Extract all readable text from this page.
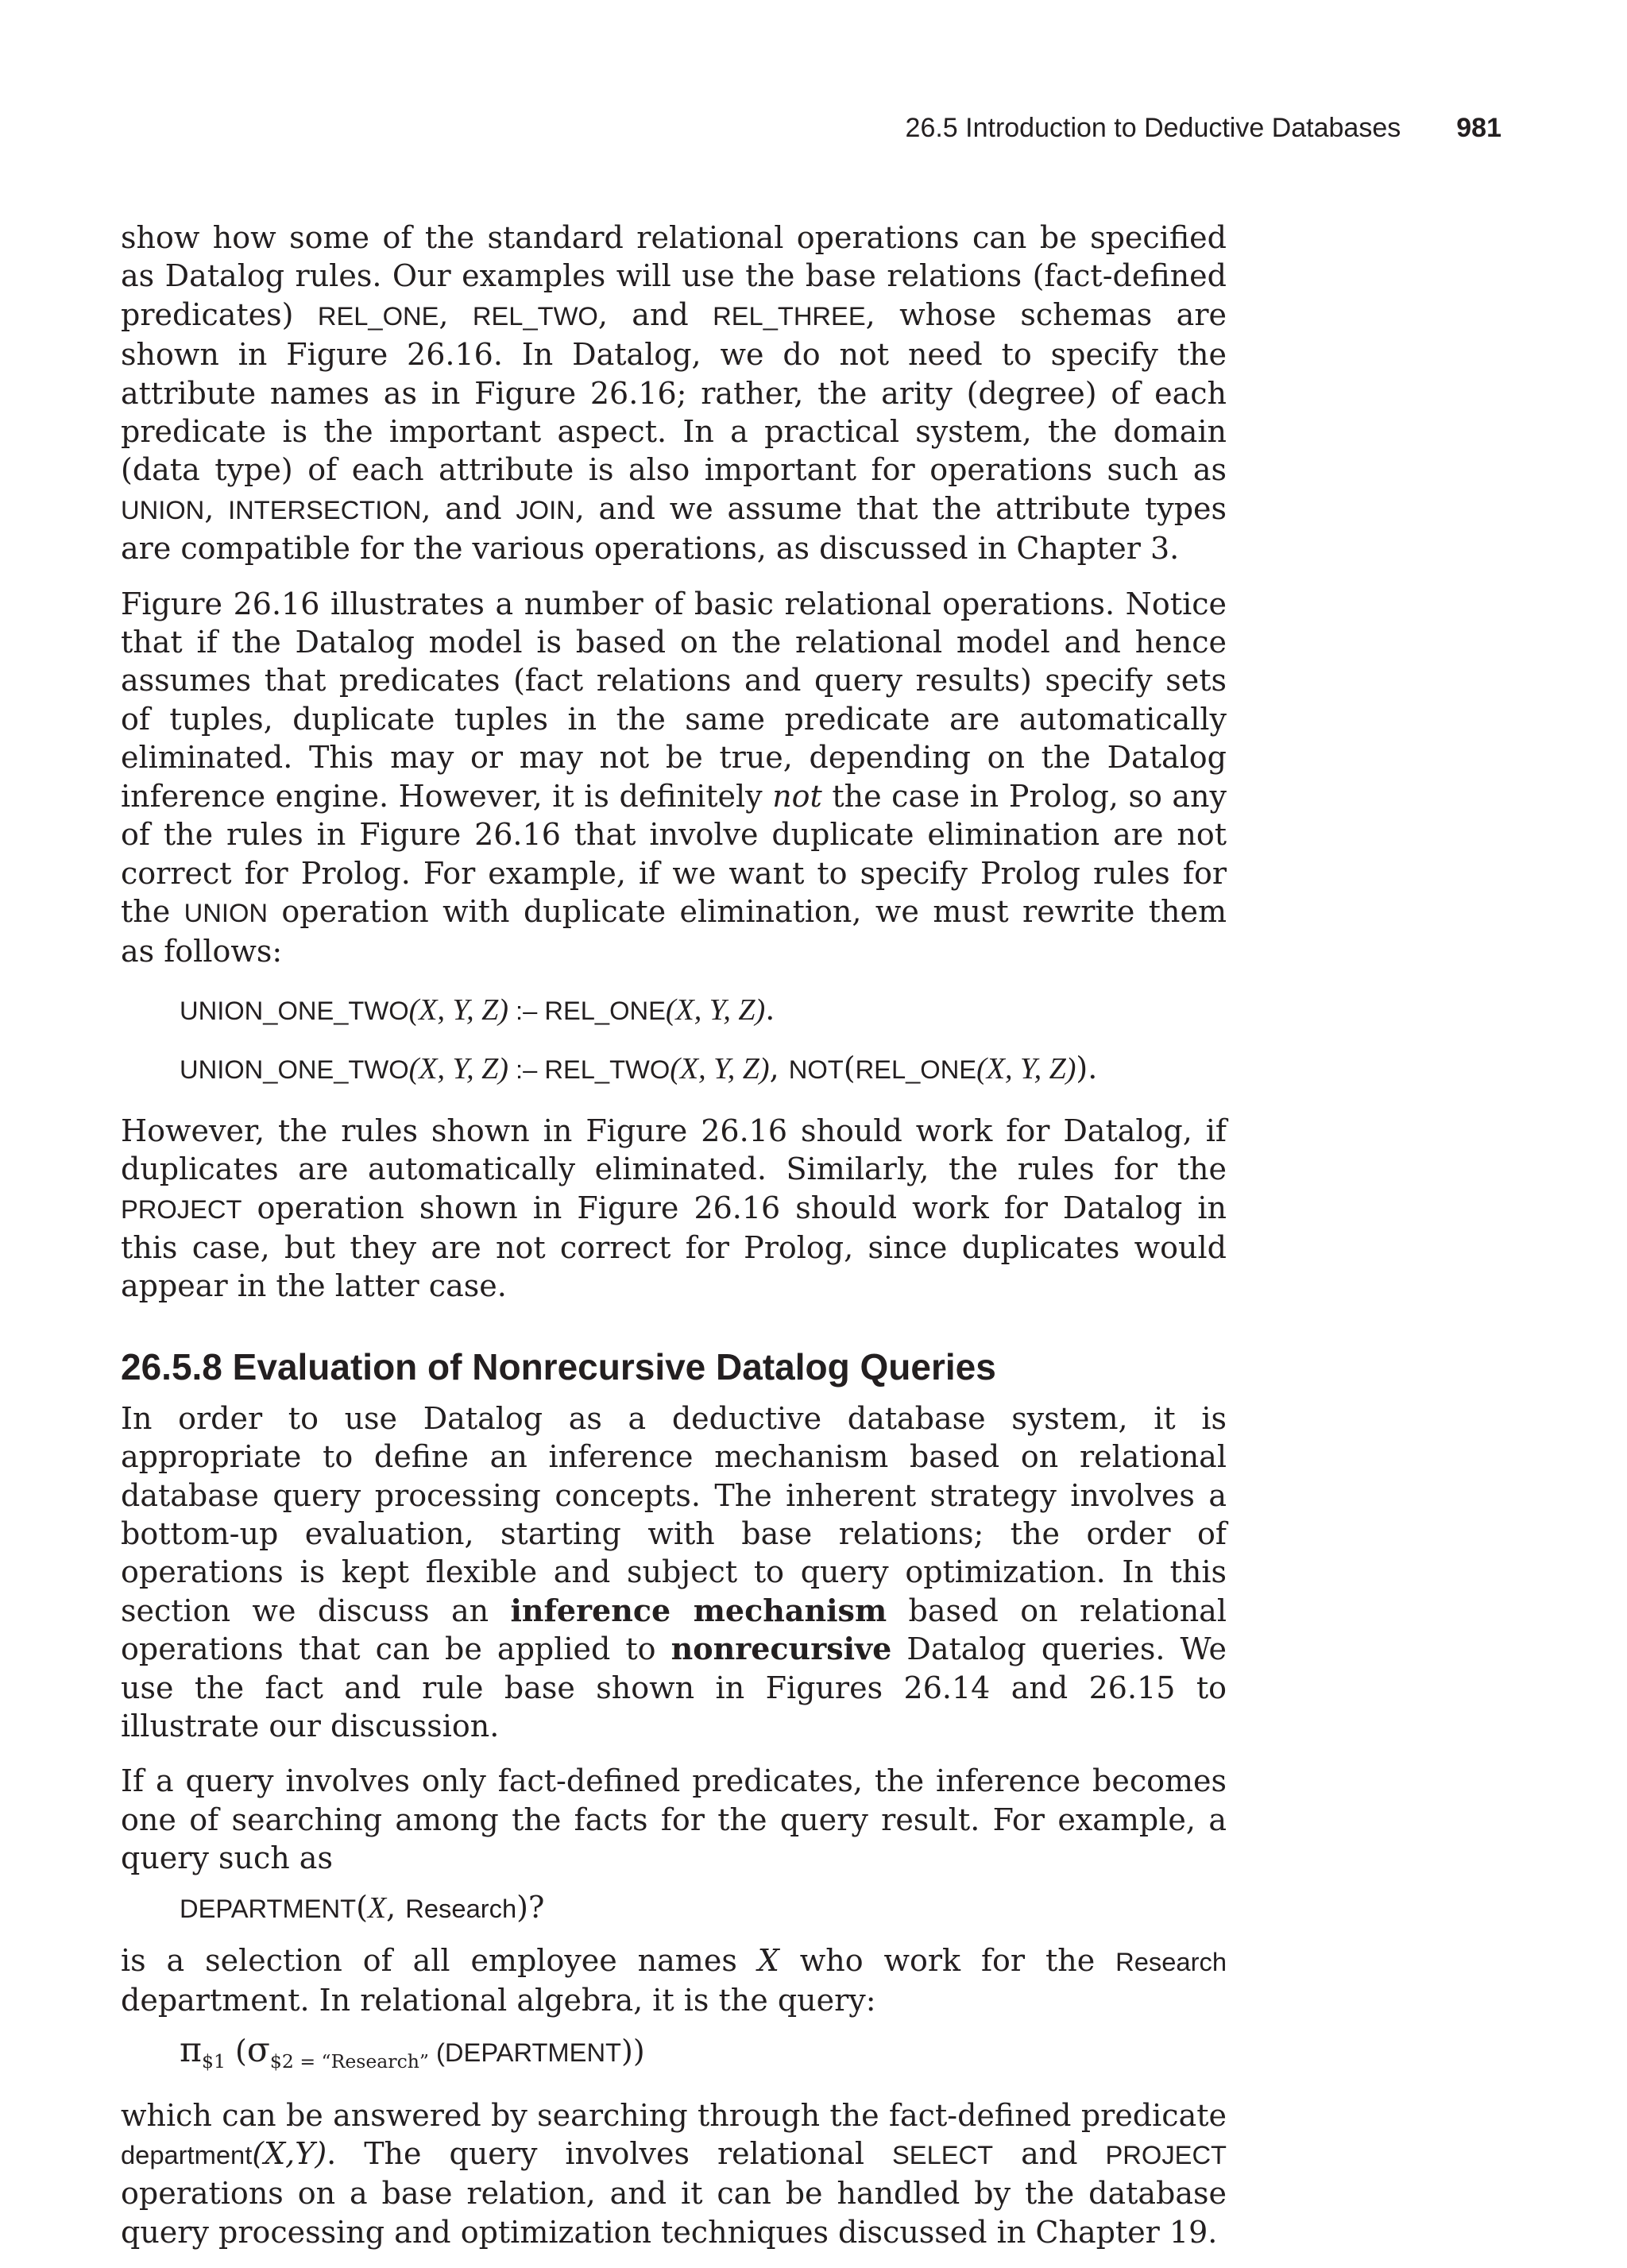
26.5 Introduction to Deductive Databases 981

show how some of the standard relational operations can be specified as Datalog rules. Our examples will use the base relations (fact-defined predicates) REL_ONE, REL_TWO, and REL_THREE, whose schemas are shown in Figure 26.16. In Datalog, we do not need to specify the attribute names as in Figure 26.16; rather, the arity (degree) of each predicate is the important aspect. In a practical system, the domain (data type) of each attribute is also important for operations such as UNION, INTERSECTION, and JOIN, and we assume that the attribute types are compatible for the various operations, as discussed in Chapter 3.

Figure 26.16 illustrates a number of basic relational operations. Notice that if the Datalog model is based on the relational model and hence assumes that predicates (fact relations and query results) specify sets of tuples, duplicate tuples in the same predicate are automatically eliminated. This may or may not be true, depending on the Datalog inference engine. However, it is definitely not the case in Prolog, so any of the rules in Figure 26.16 that involve duplicate elimination are not correct for Prolog. For example, if we want to specify Prolog rules for the UNION operation with duplicate elimination, we must rewrite them as follows:

UNION_ONE_TWO(X, Y, Z) :– REL_ONE(X, Y, Z).
UNION_ONE_TWO(X, Y, Z) :– REL_TWO(X, Y, Z), NOT(REL_ONE(X, Y, Z)).

However, the rules shown in Figure 26.16 should work for Datalog, if duplicates are automatically eliminated. Similarly, the rules for the PROJECT operation shown in Figure 26.16 should work for Datalog in this case, but they are not correct for Prolog, since duplicates would appear in the latter case.

26.5.8 Evaluation of Nonrecursive Datalog Queries

In order to use Datalog as a deductive database system, it is appropriate to define an inference mechanism based on relational database query processing concepts. The inherent strategy involves a bottom-up evaluation, starting with base relations; the order of operations is kept flexible and subject to query optimization. In this section we discuss an inference mechanism based on relational operations that can be applied to nonrecursive Datalog queries. We use the fact and rule base shown in Figures 26.14 and 26.15 to illustrate our discussion.

If a query involves only fact-defined predicates, the inference becomes one of searching among the facts for the query result. For example, a query such as

DEPARTMENT(X, Research)?

is a selection of all employee names X who work for the Research department. In relational algebra, it is the query:

$\pi_{\$1}$ ($\sigma_{\$2 = “Research”}$ (DEPARTMENT))

which can be answered by searching through the fact-defined predicate department(X,Y). The query involves relational SELECT and PROJECT operations on a base relation, and it can be handled by the database query processing and optimization techniques discussed in Chapter 19.
